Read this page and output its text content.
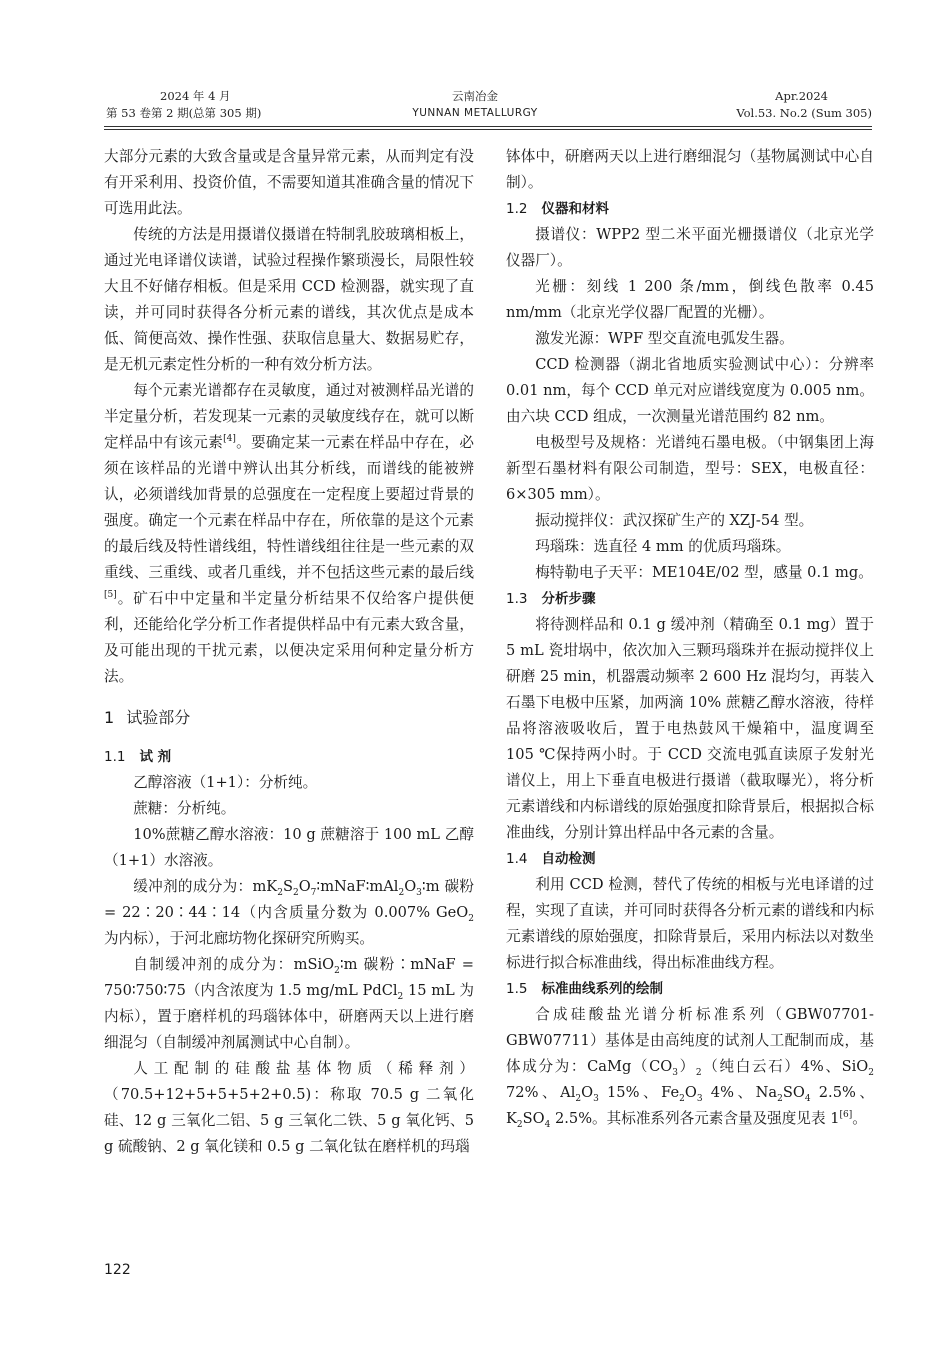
2024 年 4 月
第 53 卷第 2 期(总第 305 期)
云南冶金
YUNNAN METALLURGY
Apr.2024
Vol.53. No.2 (Sum 305)

大部分元素的大致含量或是含量异常元素，从而判定有没有开采利用、投资价值，不需要知道其准确含量的情况下可选用此法。

传统的方法是用摄谱仪摄谱在特制乳胶玻璃相板上，通过光电译谱仪读谱，试验过程操作繁琐漫长，局限性较大且不好储存相板。但是采用 CCD 检测器，就实现了直读，并可同时获得各分析元素的谱线，其次优点是成本低、简便高效、操作性强、获取信息量大、数据易贮存，是无机元素定性分析的一种有效分析方法。

每个元素光谱都存在灵敏度，通过对被测样品光谱的半定量分析，若发现某一元素的灵敏度线存在，就可以断定样品中有该元素[4]。要确定某一元素在样品中存在，必须在该样品的光谱中辨认出其分析线，而谱线的能被辨认，必须谱线加背景的总强度在一定程度上要超过背景的强度。确定一个元素在样品中存在，所依靠的是这个元素的最后线及特性谱线组，特性谱线组往往是一些元素的双重线、三重线、或者几重线，并不包括这些元素的最后线[5]。矿石中中定量和半定量分析结果不仅给客户提供便利，还能给化学分析工作者提供样品中有元素大致含量，及可能出现的干扰元素，以便决定采用何种定量分析方法。

1 试验部分

1.1 试 剂

乙醇溶液（1+1）：分析纯。

蔗糖：分析纯。

10%蔗糖乙醇水溶液：10 g 蔗糖溶于 100 mL 乙醇（1+1）水溶液。

缓冲剂的成分为：$mK_2S_2O_7∶mNaF∶mAl_2O_3∶m$ 碳粉 = 22∶20∶44∶14（内含质量分数为 0.007% GeO$_2$ 为内标），于河北廊坊物化探研究所购买。

自制缓冲剂的成分为：mSiO$_2$∶m 碳粉∶mNaF = 750∶750∶75（内含浓度为 1.5 mg/mL PdCl$_2$ 15 mL 为内标），置于磨样机的玛瑙钵体中，研磨两天以上进行磨细混匀（自制缓冲剂属测试中心自制）。

人工配制的硅酸盐基体物质（稀释剂）（70.5+12+5+5+5+2+0.5)：称取 70.5 g 二氧化硅、12 g 三氧化二铝、5 g 三氧化二铁、5 g 氧化钙、5 g 硫酸钠、2 g 氧化镁和 0.5 g 二氧化钛在磨样机的玛瑙

钵体中，研磨两天以上进行磨细混匀（基物属测试中心自制）。

1.2 仪器和材料

摄谱仪：WPP2 型二米平面光栅摄谱仪（北京光学仪器厂）。

光栅：刻线 1 200 条/mm，倒线色散率 0.45 nm/mm（北京光学仪器厂配置的光栅）。

激发光源：WPF 型交直流电弧发生器。

CCD 检测器（湖北省地质实验测试中心）：分辨率 0.01 nm，每个 CCD 单元对应谱线宽度为 0.005 nm。由六块 CCD 组成，一次测量光谱范围约 82 nm。

电极型号及规格：光谱纯石墨电极。（中钢集团上海新型石墨材料有限公司制造，型号：SEX，电极直径：6×305 mm）。

振动搅拌仪：武汉探矿生产的 XZJ-54 型。

玛瑙珠：选直径 4 mm 的优质玛瑙珠。

梅特勒电子天平：ME104E/02 型，感量 0.1 mg。

1.3 分析步骤

将待测样品和 0.1 g 缓冲剂（精确至 0.1 mg）置于 5 mL 瓷坩埚中，依次加入三颗玛瑙珠并在振动搅拌仪上研磨 25 min，机器震动频率 2 600 Hz 混均匀，再装入石墨下电极中压紧，加两滴 10% 蔗糖乙醇水溶液，待样品将溶液吸收后，置于电热鼓风干燥箱中，温度调至 105 ℃保持两小时。于 CCD 交流电弧直读原子发射光谱仪上，用上下垂直电极进行摄谱（截取曝光），将分析元素谱线和内标谱线的原始强度扣除背景后，根据拟合标准曲线，分别计算出样品中各元素的含量。

1.4 自动检测

利用 CCD 检测，替代了传统的相板与光电译谱的过程，实现了直读，并可同时获得各分析元素的谱线和内标元素谱线的原始强度，扣除背景后，采用内标法以对数坐标进行拟合标准曲线，得出标准曲线方程。

1.5 标准曲线系列的绘制

合成硅酸盐光谱分析标准系列（GBW07701-GBW07711）基体是由高纯度的试剂人工配制而成，基体成分为：$CaMg(CO_3)_2$（纯白云石）4%、SiO$_2$ 72%、$Al_2O_3$ 15%、$Fe_2O_3$ 4%、$Na_2SO_4$ 2.5%、$K_2SO_4$ 2.5%。其标准系列各元素含量及强度见表 1[6]。

122
